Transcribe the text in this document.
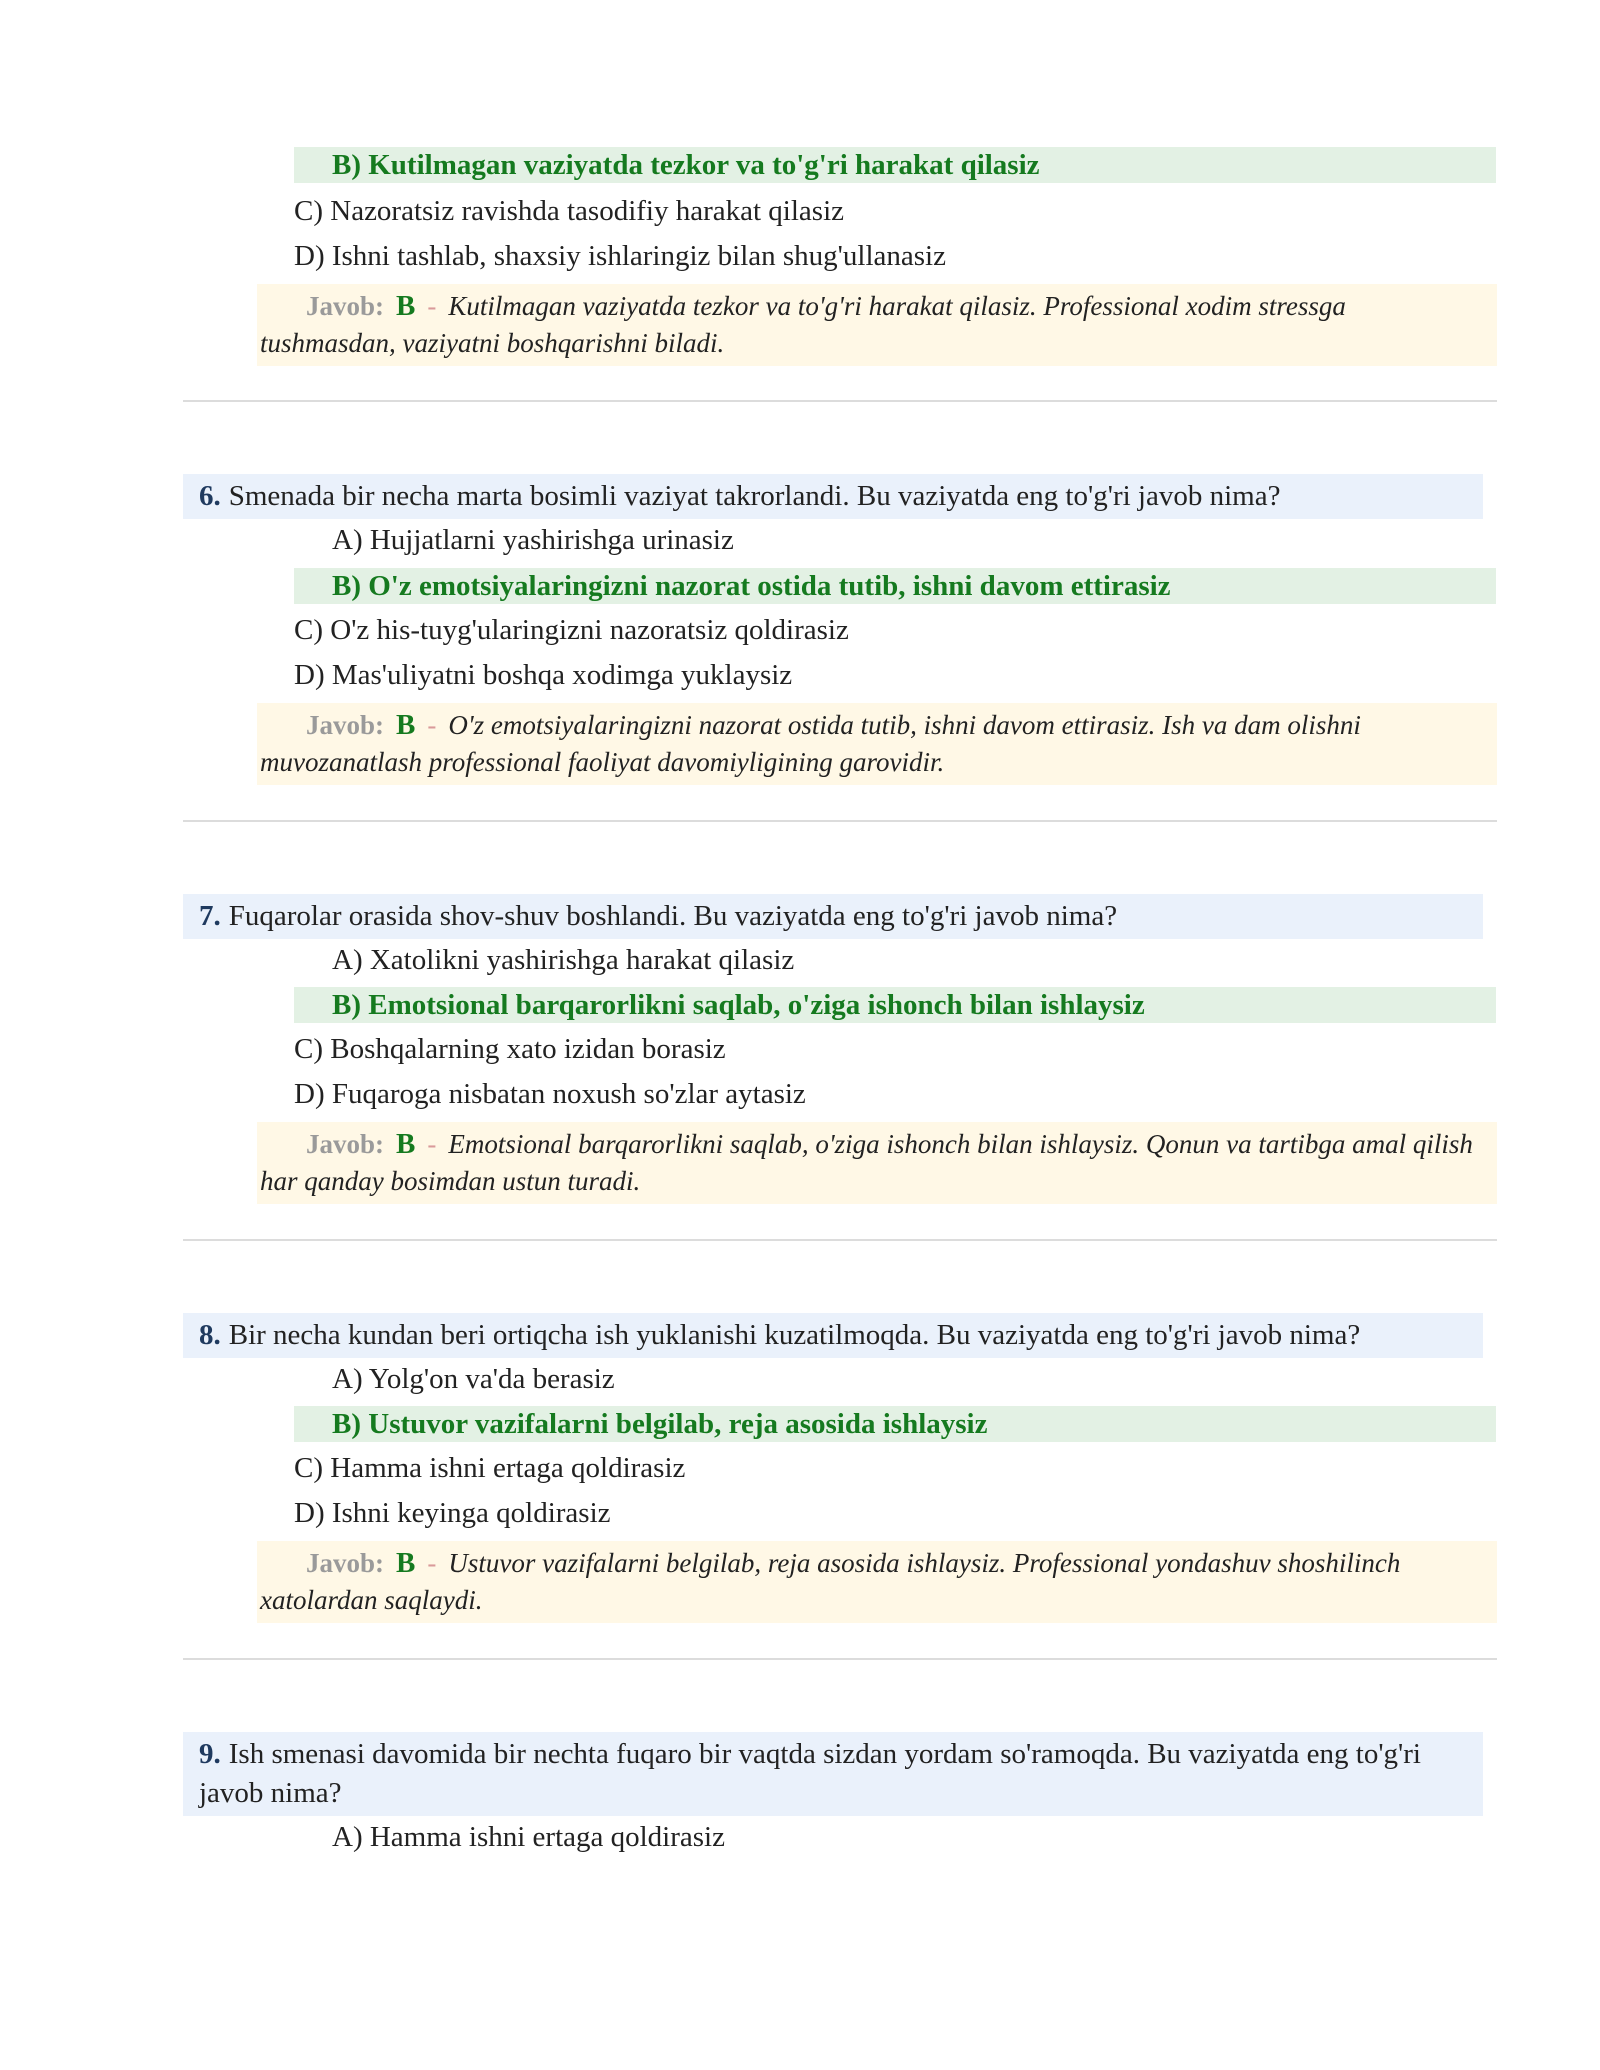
B) Kutilmagan vaziyatda tezkor va to'g'ri harakat qilasiz
C) Nazoratsiz ravishda tasodifiy harakat qilasiz
D) Ishni tashlab, shaxsiy ishlaringiz bilan shug'ullanasiz
Javob: B - Kutilmagan vaziyatda tezkor va to'g'ri harakat qilasiz. Professional xodim stressga tushmasdan, vaziyatni boshqarishni biladi.
6. Smenada bir necha marta bosimli vaziyat takrorlandi. Bu vaziyatda eng to'g'ri javob nima?
A) Hujjatlarni yashirishga urinasiz
B) O'z emotsiyalaringizni nazorat ostida tutib, ishni davom ettirasiz
C) O'z his-tuyg'ularingizni nazoratsiz qoldirasiz
D) Mas'uliyatni boshqa xodimga yuklaysiz
Javob: B - O'z emotsiyalaringizni nazorat ostida tutib, ishni davom ettirasiz. Ish va dam olishni muvozanatlash professional faoliyat davomiyligining garovidir.
7. Fuqarolar orasida shov-shuv boshlandi. Bu vaziyatda eng to'g'ri javob nima?
A) Xatolikni yashirishga harakat qilasiz
B) Emotsional barqarorlikni saqlab, o'ziga ishonch bilan ishlaysiz
C) Boshqalarning xato izidan borasiz
D) Fuqaroga nisbatan noxush so'zlar aytasiz
Javob: B - Emotsional barqarorlikni saqlab, o'ziga ishonch bilan ishlaysiz. Qonun va tartibga amal qilish har qanday bosimdan ustun turadi.
8. Bir necha kundan beri ortiqcha ish yuklanishi kuzatilmoqda. Bu vaziyatda eng to'g'ri javob nima?
A) Yolg'on va'da berasiz
B) Ustuvor vazifalarni belgilab, reja asosida ishlaysiz
C) Hamma ishni ertaga qoldirasiz
D) Ishni keyinga qoldirasiz
Javob: B - Ustuvor vazifalarni belgilab, reja asosida ishlaysiz. Professional yondashuv shoshilinch xatolardan saqlaydi.
9. Ish smenasi davomida bir nechta fuqaro bir vaqtda sizdan yordam so'ramoqda. Bu vaziyatda eng to'g'ri javob nima?
A) Hamma ishni ertaga qoldirasiz
